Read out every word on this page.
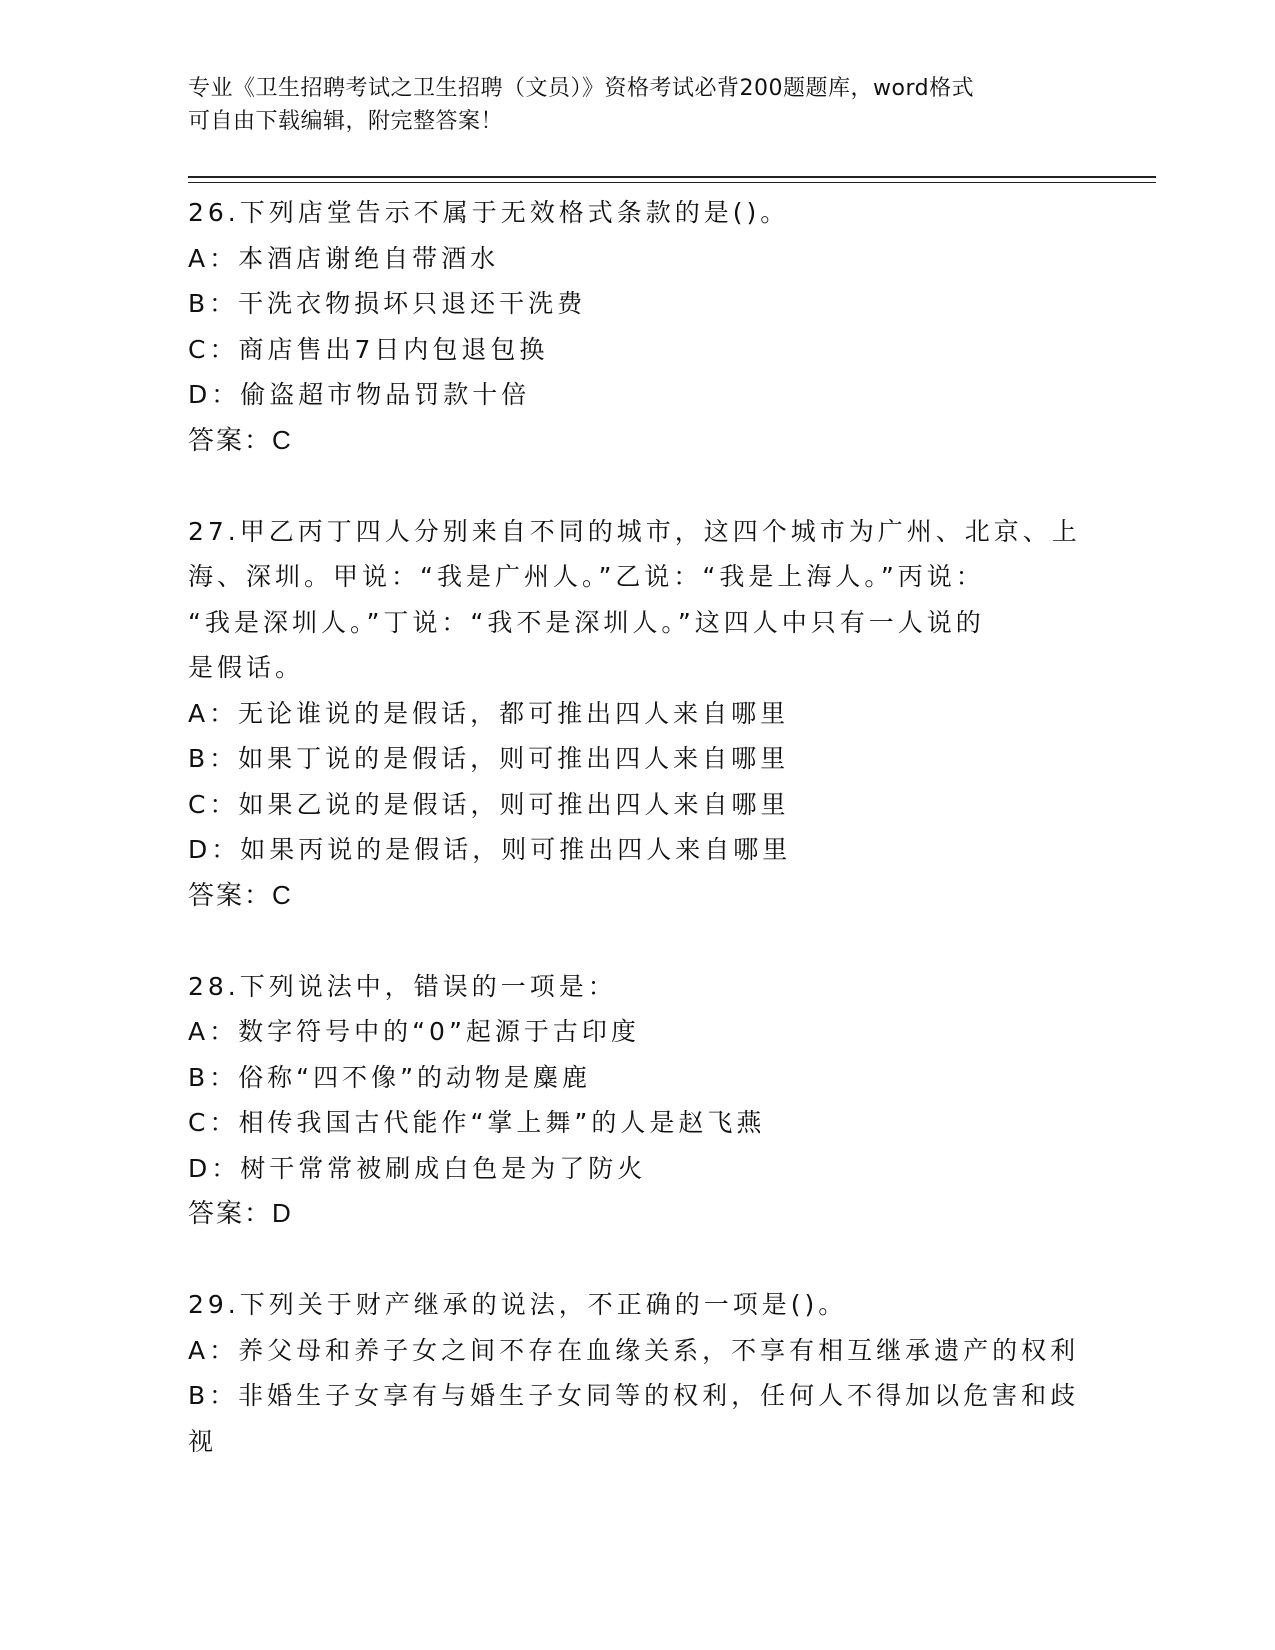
专业《卫生招聘考试之卫生招聘（文员）》资格考试必背200题题库，word格式
可自由下载编辑，附完整答案！

26.下列店堂告示不属于无效格式条款的是()。

A：本酒店谢绝自带酒水

B：干洗衣物损坏只退还干洗费

C：商店售出7日内包退包换

D：偷盗超市物品罚款十倍

答案：C

27.甲乙丙丁四人分别来自不同的城市，这四个城市为广州、北京、上

海、深圳。甲说：“我是广州人。”乙说：“我是上海人。”丙说：

“我是深圳人。”丁说：“我不是深圳人。”这四人中只有一人说的

是假话。

A：无论谁说的是假话，都可推出四人来自哪里

B：如果丁说的是假话，则可推出四人来自哪里

C：如果乙说的是假话，则可推出四人来自哪里

D：如果丙说的是假话，则可推出四人来自哪里

答案：C

28.下列说法中，错误的一项是：

A：数字符号中的“0”起源于古印度

B：俗称“四不像”的动物是麋鹿

C：相传我国古代能作“掌上舞”的人是赵飞燕

D：树干常常被刷成白色是为了防火

答案：D

29.下列关于财产继承的说法，不正确的一项是()。

A：养父母和养子女之间不存在血缘关系，不享有相互继承遗产的权利

B：非婚生子女享有与婚生子女同等的权利，任何人不得加以危害和歧

视
